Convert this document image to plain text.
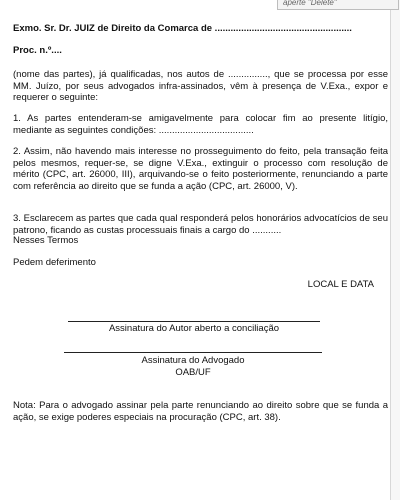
aperte "Delete"

Exmo. Sr. Dr. JUIZ de Direito da Comarca de ....................................................

Proc. n.º....

(nome das partes), já qualificadas, nos autos de ..............., que se processa por esse MM. Juízo, por seus advogados infra-assinados, vêm à presença de V.Exa., expor e requerer o seguinte:

1. As partes entenderam-se amigavelmente para colocar fim ao presente litígio, mediante as seguintes condições: ....................................

2. Assim, não havendo mais interesse no prosseguimento do feito, pela transação feita pelos mesmos, requer-se, se digne V.Exa., extinguir o processo com resolução de mérito (CPC, art. 26000, III), arquivando-se o feito posteriormente, renunciando a parte com referência ao direito que se funda a ação (CPC, art. 26000, V).

3. Esclarecem as partes que cada qual responderá pelos honorários advocatícios de seu patrono, ficando as custas processuais finais a cargo do ...........

Nesses Termos

Pedem deferimento

LOCAL E DATA

Assinatura do Autor aberto a conciliação

Assinatura do Advogado

OAB/UF

Nota: Para o advogado assinar pela parte renunciando ao direito sobre que se funda a ação, se exige poderes especiais na procuração (CPC, art. 38).
